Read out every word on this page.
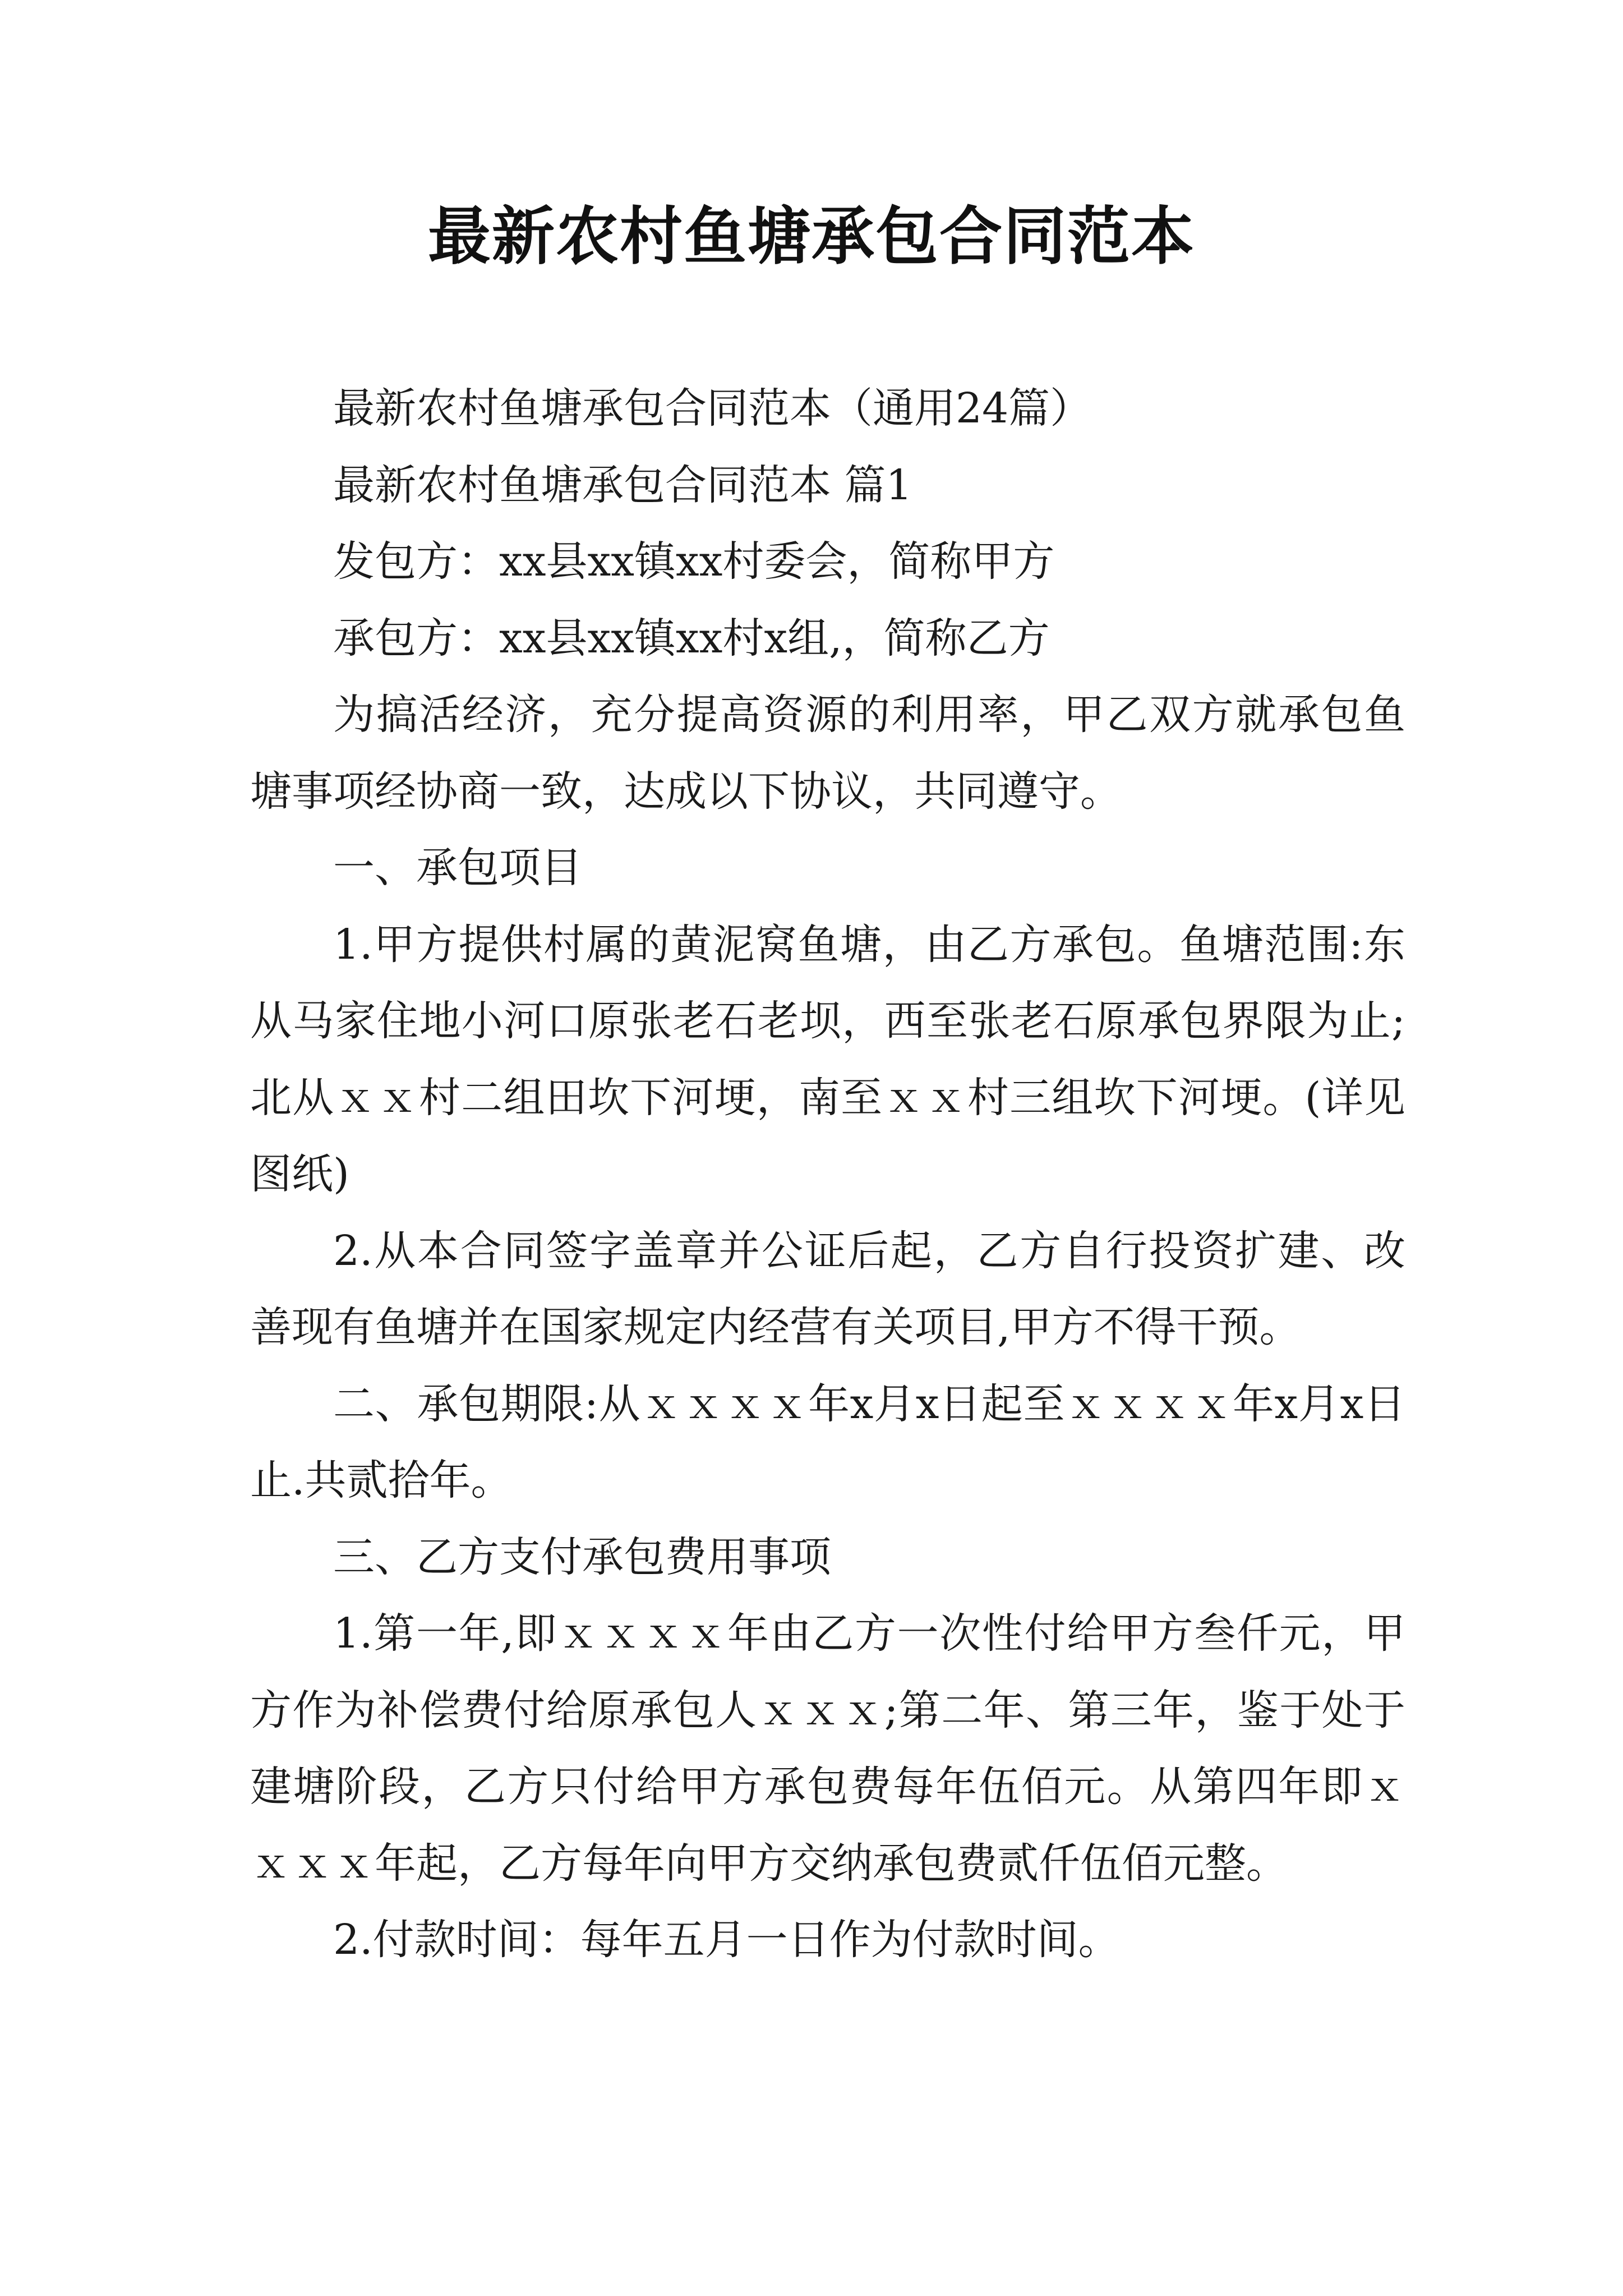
最新农村鱼塘承包合同范本

最新农村鱼塘承包合同范本（通用24篇）

最新农村鱼塘承包合同范本 篇1

发包方：xx县xx镇xx村委会，简称甲方

承包方：xx县xx镇xx村x组,，简称乙方

为搞活经济，充分提高资源的利用率，甲乙双方就承包鱼塘事项经协商一致，达成以下协议，共同遵守。

一、承包项目

1.甲方提供村属的黄泥窝鱼塘，由乙方承包。鱼塘范围:东从马家住地小河口原张老石老坝，西至张老石原承包界限为止;北从ｘｘ村二组田坎下河埂，南至ｘｘ村三组坎下河埂。(详见图纸)

2.从本合同签字盖章并公证后起，乙方自行投资扩建、改善现有鱼塘并在国家规定内经营有关项目,甲方不得干预。

二、承包期限:从ｘｘｘｘ年x月x日起至ｘｘｘｘ年x月x日止.共贰拾年。

三、乙方支付承包费用事项

1.第一年,即ｘｘｘｘ年由乙方一次性付给甲方叁仟元，甲方作为补偿费付给原承包人ｘｘｘ;第二年、第三年，鉴于处于建塘阶段，乙方只付给甲方承包费每年伍佰元。从第四年即ｘｘｘｘ年起，乙方每年向甲方交纳承包费贰仟伍佰元整。

2.付款时间：每年五月一日作为付款时间。
